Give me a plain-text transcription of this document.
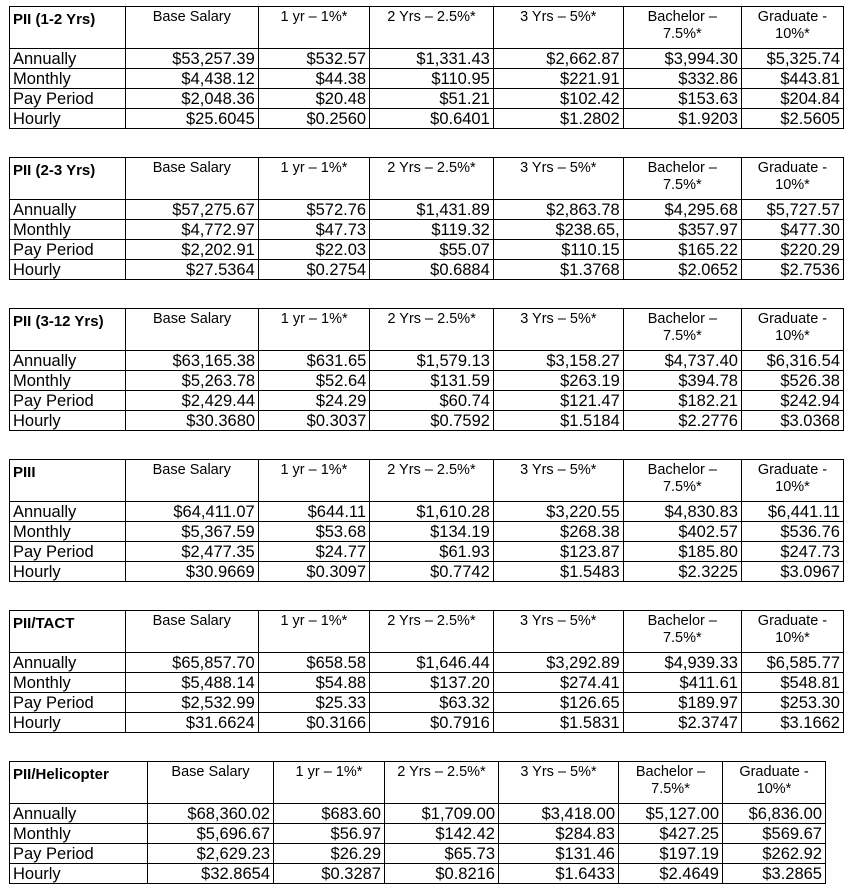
PII (1-2 Yrs)	Base Salary	1 yr – 1%*	2 Yrs – 2.5%*	3 Yrs – 5%*	Bachelor – 7.5%*	Graduate - 10%*
Annually	$53,257.39	$532.57	$1,331.43	$2,662.87	$3,994.30	$5,325.74
Monthly	$4,438.12	$44.38	$110.95	$221.91	$332.86	$443.81
Pay Period	$2,048.36	$20.48	$51.21	$102.42	$153.63	$204.84
Hourly	$25.6045	$0.2560	$0.6401	$1.2802	$1.9203	$2.5605
PII (2-3 Yrs)	Base Salary	1 yr – 1%*	2 Yrs – 2.5%*	3 Yrs – 5%*	Bachelor – 7.5%*	Graduate - 10%*
Annually	$57,275.67	$572.76	$1,431.89	$2,863.78	$4,295.68	$5,727.57
Monthly	$4,772.97	$47.73	$119.32	$238.65,	$357.97	$477.30
Pay Period	$2,202.91	$22.03	$55.07	$110.15	$165.22	$220.29
Hourly	$27.5364	$0.2754	$0.6884	$1.3768	$2.0652	$2.7536
PII (3-12 Yrs)	Base Salary	1 yr – 1%*	2 Yrs – 2.5%*	3 Yrs – 5%*	Bachelor – 7.5%*	Graduate - 10%*
Annually	$63,165.38	$631.65	$1,579.13	$3,158.27	$4,737.40	$6,316.54
Monthly	$5,263.78	$52.64	$131.59	$263.19	$394.78	$526.38
Pay Period	$2,429.44	$24.29	$60.74	$121.47	$182.21	$242.94
Hourly	$30.3680	$0.3037	$0.7592	$1.5184	$2.2776	$3.0368
PIII	Base Salary	1 yr – 1%*	2 Yrs – 2.5%*	3 Yrs – 5%*	Bachelor – 7.5%*	Graduate - 10%*
Annually	$64,411.07	$644.11	$1,610.28	$3,220.55	$4,830.83	$6,441.11
Monthly	$5,367.59	$53.68	$134.19	$268.38	$402.57	$536.76
Pay Period	$2,477.35	$24.77	$61.93	$123.87	$185.80	$247.73
Hourly	$30.9669	$0.3097	$0.7742	$1.5483	$2.3225	$3.0967
PII/TACT	Base Salary	1 yr – 1%*	2 Yrs – 2.5%*	3 Yrs – 5%*	Bachelor – 7.5%*	Graduate - 10%*
Annually	$65,857.70	$658.58	$1,646.44	$3,292.89	$4,939.33	$6,585.77
Monthly	$5,488.14	$54.88	$137.20	$274.41	$411.61	$548.81
Pay Period	$2,532.99	$25.33	$63.32	$126.65	$189.97	$253.30
Hourly	$31.6624	$0.3166	$0.7916	$1.5831	$2.3747	$3.1662
PII/Helicopter	Base Salary	1 yr – 1%*	2 Yrs – 2.5%*	3 Yrs – 5%*	Bachelor – 7.5%*	Graduate - 10%*
Annually	$68,360.02	$683.60	$1,709.00	$3,418.00	$5,127.00	$6,836.00
Monthly	$5,696.67	$56.97	$142.42	$284.83	$427.25	$569.67
Pay Period	$2,629.23	$26.29	$65.73	$131.46	$197.19	$262.92
Hourly	$32.8654	$0.3287	$0.8216	$1.6433	$2.4649	$3.2865
